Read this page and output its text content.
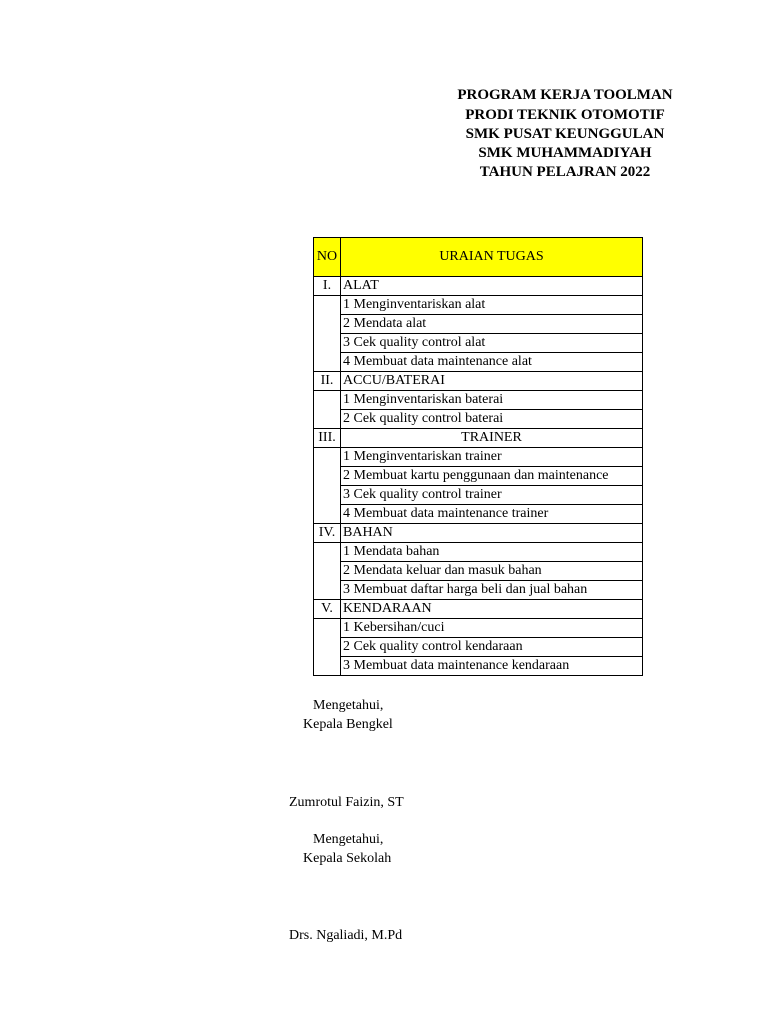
PROGRAM KERJA TOOLMAN
PRODI TEKNIK OTOMOTIF
SMK PUSAT KEUNGGULAN
SMK MUHAMMADIYAH
TAHUN PELAJRAN 2022
NO	URAIAN TUGAS
I.	ALAT
	1 Menginventariskan alat
	2 Mendata alat
	3 Cek quality control alat
	4 Membuat data maintenance alat
II.	ACCU/BATERAI
	1 Menginventariskan baterai
	2 Cek quality control baterai
III.	TRAINER
	1 Menginventariskan trainer
	2 Membuat kartu penggunaan dan maintenance
	3 Cek quality control trainer
	4 Membuat data maintenance trainer
IV.	BAHAN
	1 Mendata bahan
	2 Mendata keluar dan masuk bahan
	3 Membuat daftar harga beli dan jual bahan
V.	KENDARAAN
	1 Kebersihan/cuci
	2 Cek quality control kendaraan
	3 Membuat data maintenance kendaraan
Mengetahui,
Kepala Bengkel
Zumrotul Faizin, ST
Mengetahui,
Kepala Sekolah
Drs. Ngaliadi, M.Pd
